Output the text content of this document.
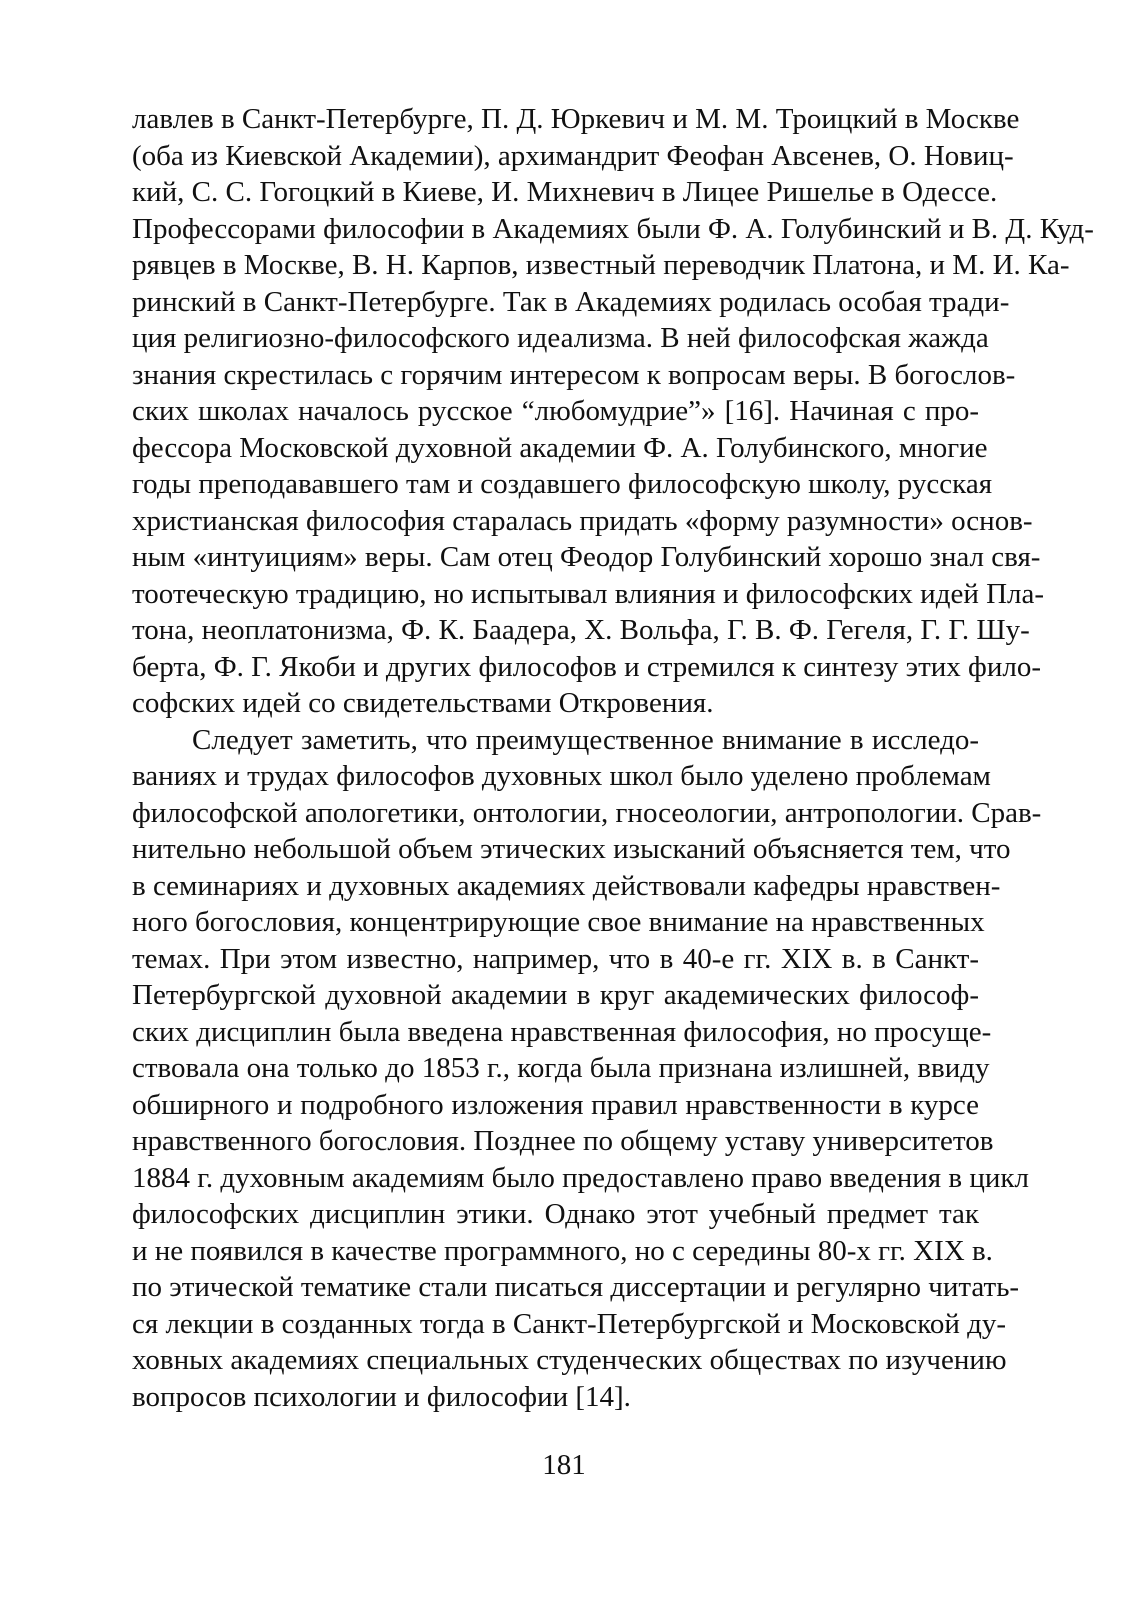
лавлев в Санкт-Петербурге, П. Д. Юркевич и М. М. Троицкий в Москве
(оба из Киевской Академии), архимандрит Феофан Авсенев, О. Новиц-
кий, С. С. Гогоцкий в Киеве, И. Михневич в Лицее Ришелье в Одессе.
Профессорами философии в Академиях были Ф. А. Голубинский и В. Д. Куд-
рявцев в Москве, В. Н. Карпов, известный переводчик Платона, и М. И. Ка-
ринский в Санкт-Петербурге. Так в Академиях родилась особая тради-
ция религиозно-философского идеализма. В ней философская жажда
знания скрестилась с горячим интересом к вопросам веры. В богослов-
ских школах началось русское “любомудрие”» [16]. Начиная с про-
фессора Московской духовной академии Ф. А. Голубинского, многие
годы преподававшего там и создавшего философскую школу, русская
христианская философия старалась придать «форму разумности» основ-
ным «интуициям» веры. Сам отец Феодор Голубинский хорошо знал свя-
тоотеческую традицию, но испытывал влияния и философских идей Пла-
тона, неоплатонизма, Ф. К. Баадера, Х. Вольфа, Г. В. Ф. Гегеля, Г. Г. Шу-
берта, Ф. Г. Якоби и других философов и стремился к синтезу этих фило-
софских идей со свидетельствами Откровения.
Следует заметить, что преимущественное внимание в исследо-
ваниях и трудах философов духовных школ было уделено проблемам
философской апологетики, онтологии, гносеологии, антропологии. Срав-
нительно небольшой объем этических изысканий объясняется тем, что
в семинариях и духовных академиях действовали кафедры нравствен-
ного богословия, концентрирующие свое внимание на нравственных
темах. При этом известно, например, что в 40-е гг. XIX в. в Санкт-
Петербургской духовной академии в круг академических философ-
ских дисциплин была введена нравственная философия, но просуще-
ствовала она только до 1853 г., когда была признана излишней, ввиду
обширного и подробного изложения правил нравственности в курсе
нравственного богословия. Позднее по общему уставу университетов
1884 г. духовным академиям было предоставлено право введения в цикл
философских дисциплин этики. Однако этот учебный предмет так
и не появился в качестве программного, но с середины 80-х гг. XIX в.
по этической тематике стали писаться диссертации и регулярно читать-
ся лекции в созданных тогда в Санкт-Петербургской и Московской ду-
ховных академиях специальных студенческих обществах по изучению
вопросов психологии и философии [14].
181
